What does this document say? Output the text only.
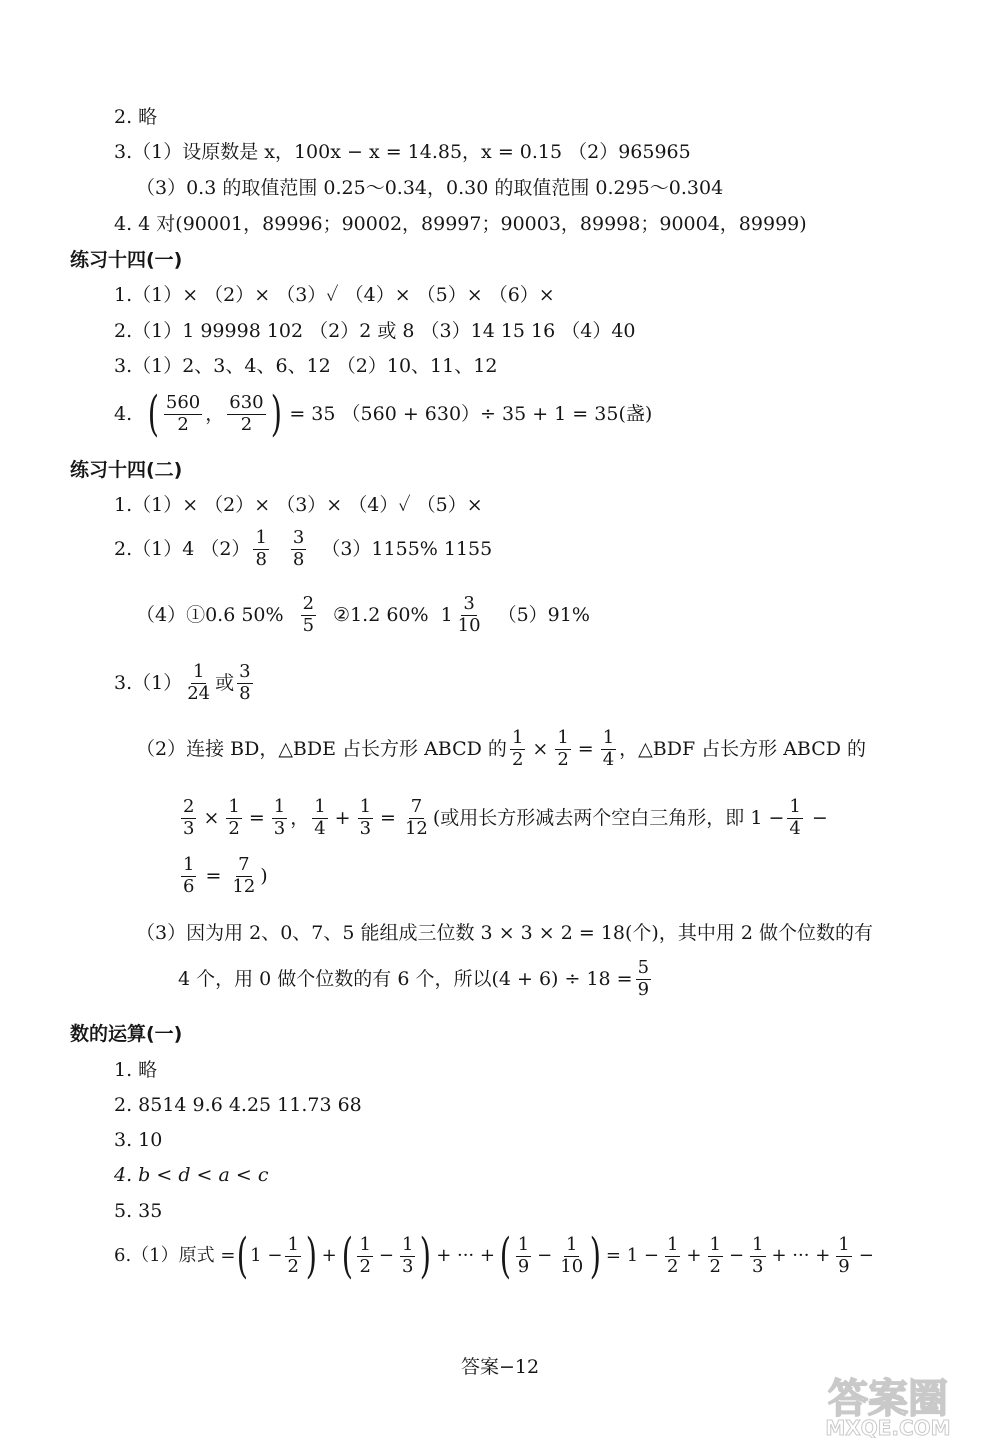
2. 略
3.（1）设原数是 x，100x − x = 14.85，x = 0.15 （2）965965
（3）0.3 的取值范围 0.25～0.34，0.30 的取值范围 0.295～0.304
4. 4 对(90001，89996；90002，89997；90003，89998；90004，89999)
练习十四(一)
1.（1）× （2）× （3）✓ （4）× （5）× （6）×
2.（1）1 99998 102 （2）2 或 8 （3）14 15 16 （4）40
3.（1）2、3、4、6、12 （2）10、11、12
4. ( $\frac{560}{2}$ ， $\frac{630}{2}$ ) = 35 （560 + 630）÷ 35 + 1 = 35(盏)
练习十四(二)
1.（1）× （2）× （3）× （4）✓ （5）×
2.（1）4 $(2) \frac{1}{8} \frac{3}{8} (3)1155\%$ 1155
（4）①0.6 $50\% \frac{2}{5}$ ②1.2 60% $1 \frac{3}{10} (5)91\%$
$3.(1) \frac{1}{24}$ 或 $\frac{3}{8}$
（2）连接 BD，△BDE 占长方形 ABCD 的 $\frac{1}{2} \times \frac{1}{2} = \frac{1}{4}$ ，△BDF 占长方形 ABCD 的
$\frac{2}{3} \times \frac{1}{2} = \frac{1}{3}$ ， $\frac{1}{4} + \frac{1}{3} = \frac{7}{12}$ (或用长方形减去两个空白三角形，即 $1 - \frac{1}{4}$ −
$\frac{1}{6} = \frac{7}{12}$ )
（3）因为用 2、0、7、5 能组成三位数 3 × 3 × 2 = 18(个)，其中用 2 做个位数的有
4 个，用 0 做个位数的有 6 个，所以$(4 + 6) \div 18 = \frac{5}{9}$
数的运算(一)
1. 略
2. 8514 9.6 4.25 11.73 68
3. 10
4. b < d < a < c
5. 35
6.（1）原式 = ( $1 - \frac{1}{2}$ ) + ( $\frac{1}{2} - \frac{1}{3}$ ) + ··· + ( $\frac{1}{9} - \frac{1}{10}$ ) = $1 - \frac{1}{2} + \frac{1}{2} - \frac{1}{3}$ + ··· + $\frac{1}{9}$ −
答案−12
答案圈
MXQE.COM
